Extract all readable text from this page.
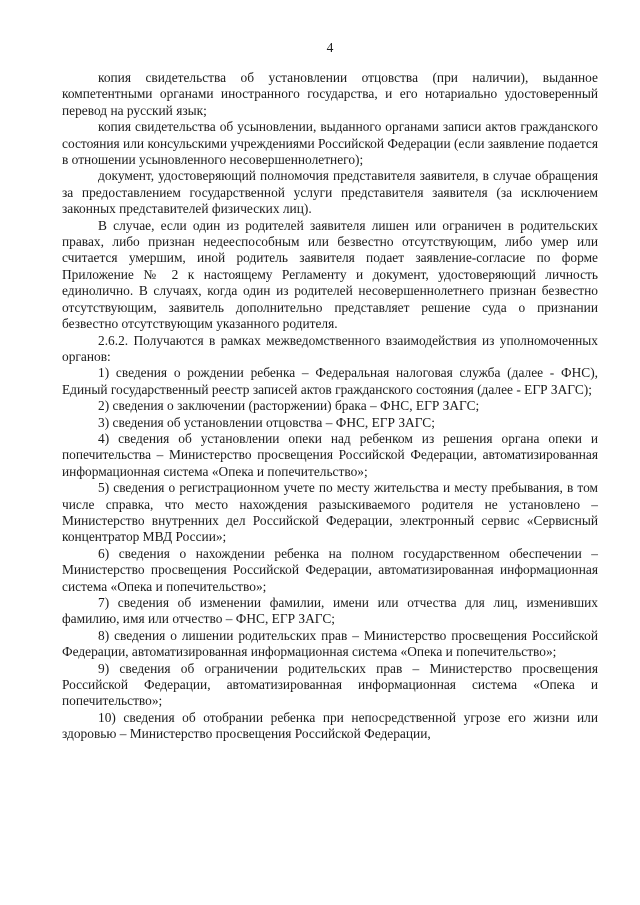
4

копия свидетельства об установлении отцовства (при наличии), выданное компетентными органами иностранного государства, и его нотариально удостоверенный перевод на русский язык;

копия свидетельства об усыновлении, выданного органами записи актов гражданского состояния или консульскими учреждениями Российской Федерации (если заявление подается в отношении усыновленного несовершеннолетнего);

документ, удостоверяющий полномочия представителя заявителя, в случае обращения за предоставлением государственной услуги представителя заявителя (за исключением законных представителей физических лиц).

В случае, если один из родителей заявителя лишен или ограничен в родительских правах, либо признан недееспособным или безвестно отсутствующим, либо умер или считается умершим, иной родитель заявителя подает заявление-согласие по форме Приложение № 2 к настоящему Регламенту и документ, удостоверяющий личность единолично. В случаях, когда один из родителей несовершеннолетнего признан безвестно отсутствующим, заявитель дополнительно представляет решение суда о признании безвестно отсутствующим указанного родителя.

2.6.2. Получаются в рамках межведомственного взаимодействия из уполномоченных органов:

1) сведения о рождении ребенка – Федеральная налоговая служба (далее - ФНС), Единый государственный реестр записей актов гражданского состояния (далее - ЕГР ЗАГС);

2) сведения о заключении (расторжении) брака – ФНС, ЕГР ЗАГС;

3) сведения об установлении отцовства – ФНС, ЕГР ЗАГС;

4) сведения об установлении опеки над ребенком из решения органа опеки и попечительства – Министерство просвещения Российской Федерации, автоматизированная информационная система «Опека и попечительство»;

5) сведения о регистрационном учете по месту жительства и месту пребывания, в том числе справка, что место нахождения разыскиваемого родителя не установлено – Министерство внутренних дел Российской Федерации, электронный сервис «Сервисный концентратор МВД России»;

6) сведения о нахождении ребенка на полном государственном обеспечении – Министерство просвещения Российской Федерации, автоматизированная информационная система «Опека и попечительство»;

7) сведения об изменении фамилии, имени или отчества для лиц, изменивших фамилию, имя или отчество – ФНС, ЕГР ЗАГС;

8) сведения о лишении родительских прав – Министерство просвещения Российской Федерации, автоматизированная информационная система «Опека и попечительство»;

9) сведения об ограничении родительских прав – Министерство просвещения Российской Федерации, автоматизированная информационная система «Опека и попечительство»;

10) сведения об отобрании ребенка при непосредственной угрозе его жизни или здоровью – Министерство просвещения Российской Федерации,
